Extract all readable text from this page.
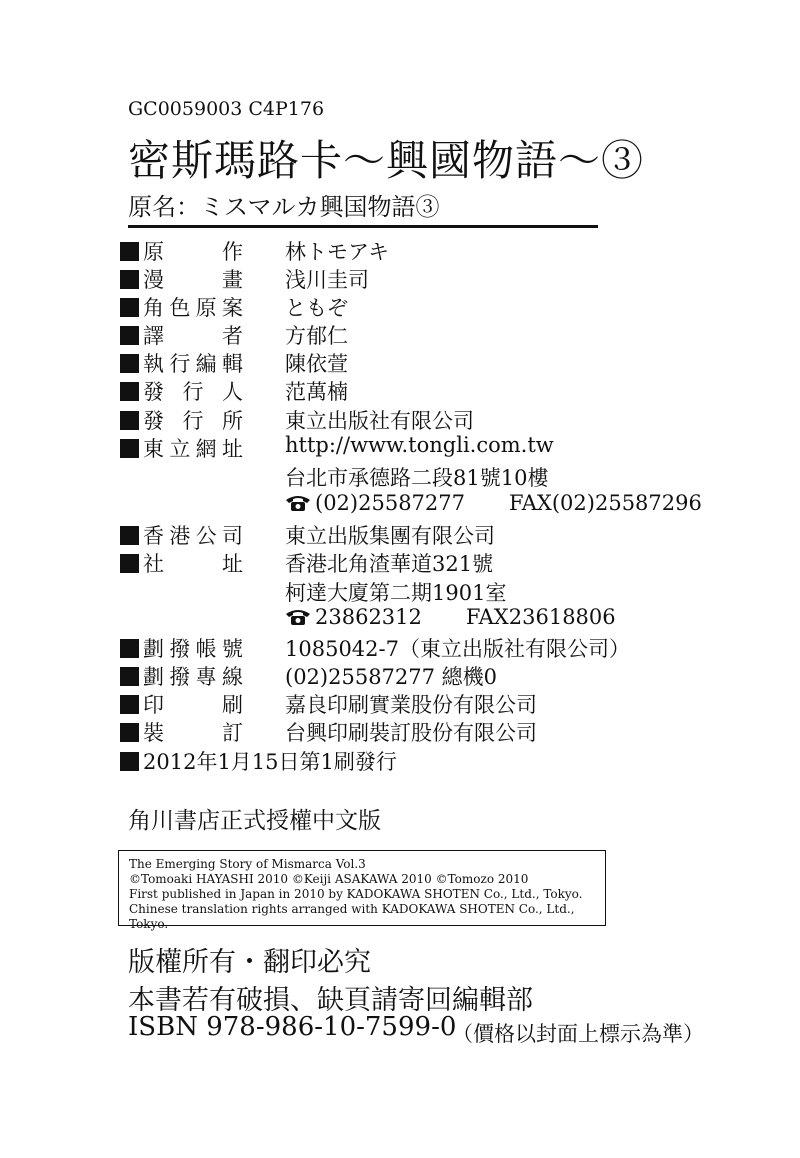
GC0059003 C4P176
密斯瑪路卡～興國物語～③
原名：ミスマルカ興国物語③
原　作 林トモアキ
漫　畫 浅川圭司
角色原案 ともぞ
譯　者 方郁仁
執行編輯 陳依萱
發行人 范萬楠
發行所 東立出版社有限公司
東立網址 http://www.tongli.com.tw
台北市承德路二段81號10樓
(02)25587277 FAX(02)25587296
香港公司 東立出版集團有限公司
社　址 香港北角渣華道321號
柯達大廈第二期1901室
23862312 FAX23618806
劃撥帳號 1085042-7（東立出版社有限公司）
劃撥專線 (02)25587277 總機0
印　刷 嘉良印刷實業股份有限公司
裝　訂 台興印刷裝訂股份有限公司
2012年1月15日第1刷發行
角川書店正式授權中文版
The Emerging Story of Mismarca Vol.3
©Tomoaki HAYASHI 2010 ©Keiji ASAKAWA 2010 ©Tomozo 2010
First published in Japan in 2010 by KADOKAWA SHOTEN Co., Ltd., Tokyo.
Chinese translation rights arranged with KADOKAWA SHOTEN Co., Ltd., Tokyo.
版權所有・翻印必究
本書若有破損、缺頁請寄回編輯部
ISBN 978-986-10-7599-0
（價格以封面上標示為準）
